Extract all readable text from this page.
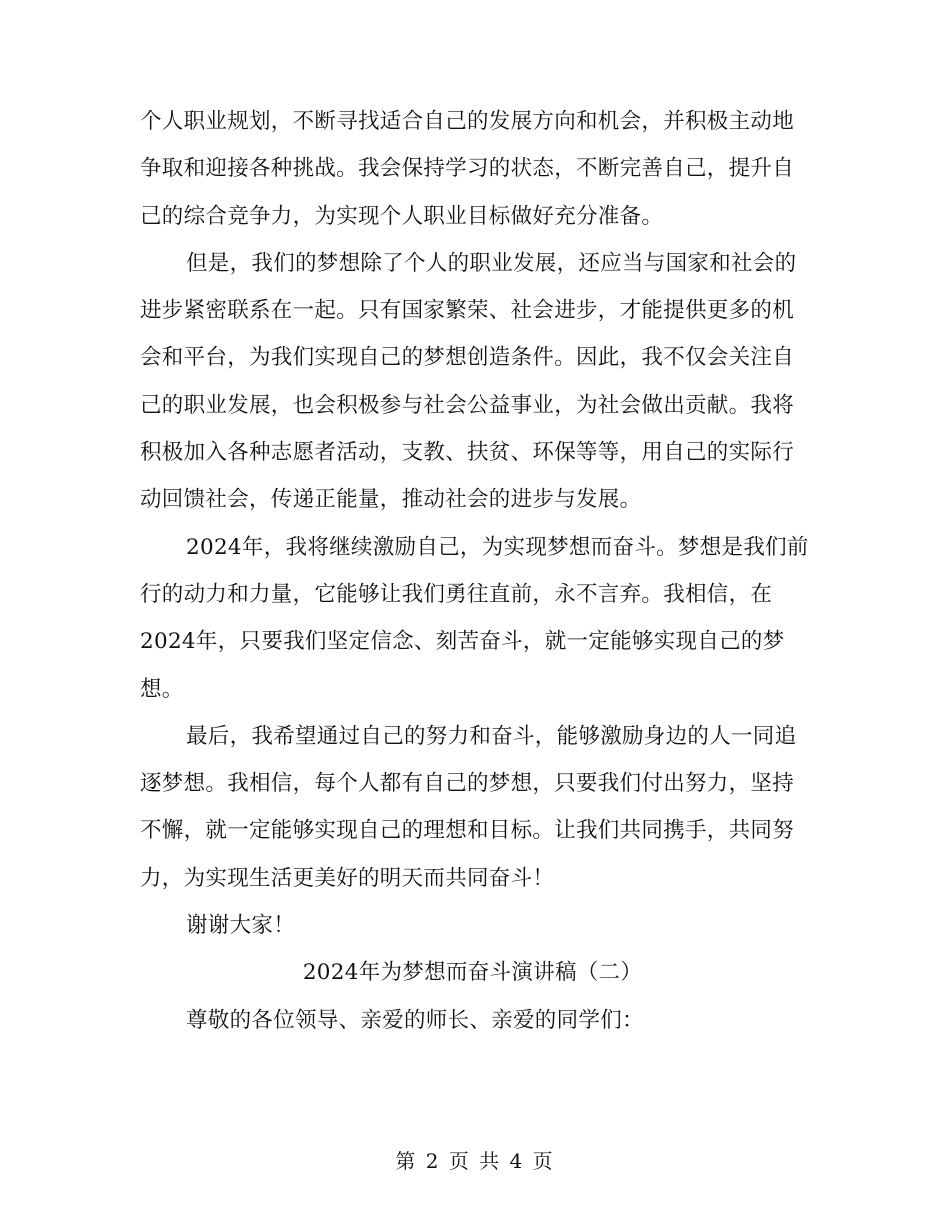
个人职业规划，不断寻找适合自己的发展方向和机会，并积极主动地
争取和迎接各种挑战。我会保持学习的状态，不断完善自己，提升自
己的综合竞争力，为实现个人职业目标做好充分准备。
但是，我们的梦想除了个人的职业发展，还应当与国家和社会的
进步紧密联系在一起。只有国家繁荣、社会进步，才能提供更多的机
会和平台，为我们实现自己的梦想创造条件。因此，我不仅会关注自
己的职业发展，也会积极参与社会公益事业，为社会做出贡献。我将
积极加入各种志愿者活动，支教、扶贫、环保等等，用自己的实际行
动回馈社会，传递正能量，推动社会的进步与发展。
2024年，我将继续激励自己，为实现梦想而奋斗。梦想是我们前
行的动力和力量，它能够让我们勇往直前，永不言弃。我相信，在
2024年，只要我们坚定信念、刻苦奋斗，就一定能够实现自己的梦
想。
最后，我希望通过自己的努力和奋斗，能够激励身边的人一同追
逐梦想。我相信，每个人都有自己的梦想，只要我们付出努力，坚持
不懈，就一定能够实现自己的理想和目标。让我们共同携手，共同努
力，为实现生活更美好的明天而共同奋斗！
谢谢大家！
2024年为梦想而奋斗演讲稿（二）
尊敬的各位领导、亲爱的师长、亲爱的同学们：
第 2 页 共 4 页
